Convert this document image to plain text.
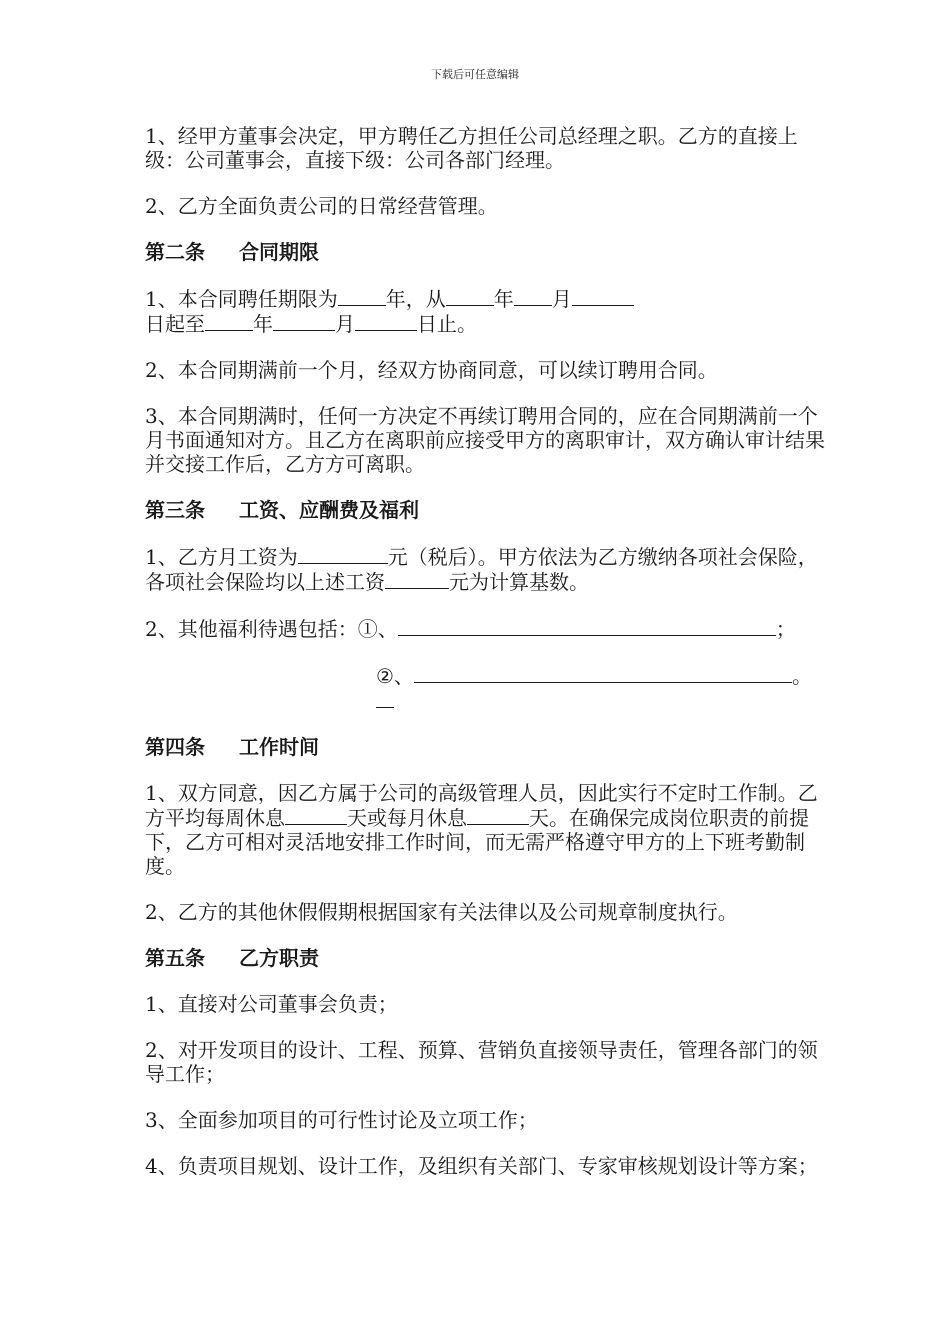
下载后可任意编辑

1、经甲方董事会决定，甲方聘任乙方担任公司总经理之职。乙方的直接上级：公司董事会，直接下级：公司各部门经理。

2、乙方全面负责公司的日常经营管理。

第二条 合同期限

1、本合同聘任期限为 年，从 年 月
日起至 年	月	日止。

2、本合同期满前一个月，经双方协商同意，可以续订聘用合同。

3、本合同期满时，任何一方决定不再续订聘用合同的，应在合同期满前一个月书面通知对方。且乙方在离职前应接受甲方的离职审计，双方确认审计结果并交接工作后，乙方方可离职。

第三条 工资、应酬费及福利

1、乙方月工资为	元（税后）。甲方依法为乙方缴纳各项社会保险，各项社会保险均以上述工资	元为计算基数。

2、其他福利待遇包括：①、	；

②、	。

第四条 工作时间

1、双方同意，因乙方属于公司的高级管理人员，因此实行不定时工作制。乙方平均每周休息	天或每月休息	天。在确保完成岗位职责的前提下，乙方可相对灵活地安排工作时间，而无需严格遵守甲方的上下班考勤制度。

2、乙方的其他休假假期根据国家有关法律以及公司规章制度执行。

第五条 乙方职责

1、直接对公司董事会负责；

2、对开发项目的设计、工程、预算、营销负直接领导责任，管理各部门的领导工作；

3、全面参加项目的可行性讨论及立项工作；

4、负责项目规划、设计工作，及组织有关部门、专家审核规划设计等方案；
